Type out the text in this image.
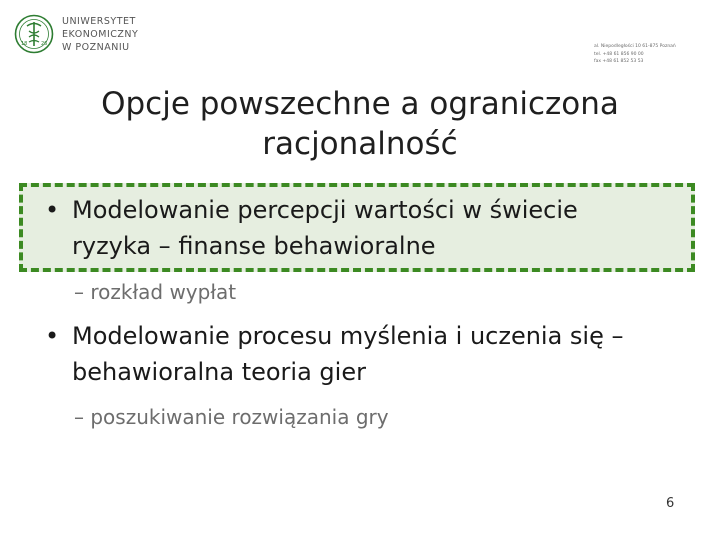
18	26
UNIWERSYTET
EKONOMICZNY
W POZNANIU	al. Niepodległości 10 61-875 Poznań
tel. +48 61 856 90 00
fax +48 61 852 53 53
Opcje powszechne a ograniczona
racjonalność
• Modelowanie percepcji wartości w świecie
ryzyka – finanse behawioralne
– rozkład wypłat
• Modelowanie procesu myślenia i uczenia się –
behawioralna teoria gier
– poszukiwanie rozwiązania gry
6
